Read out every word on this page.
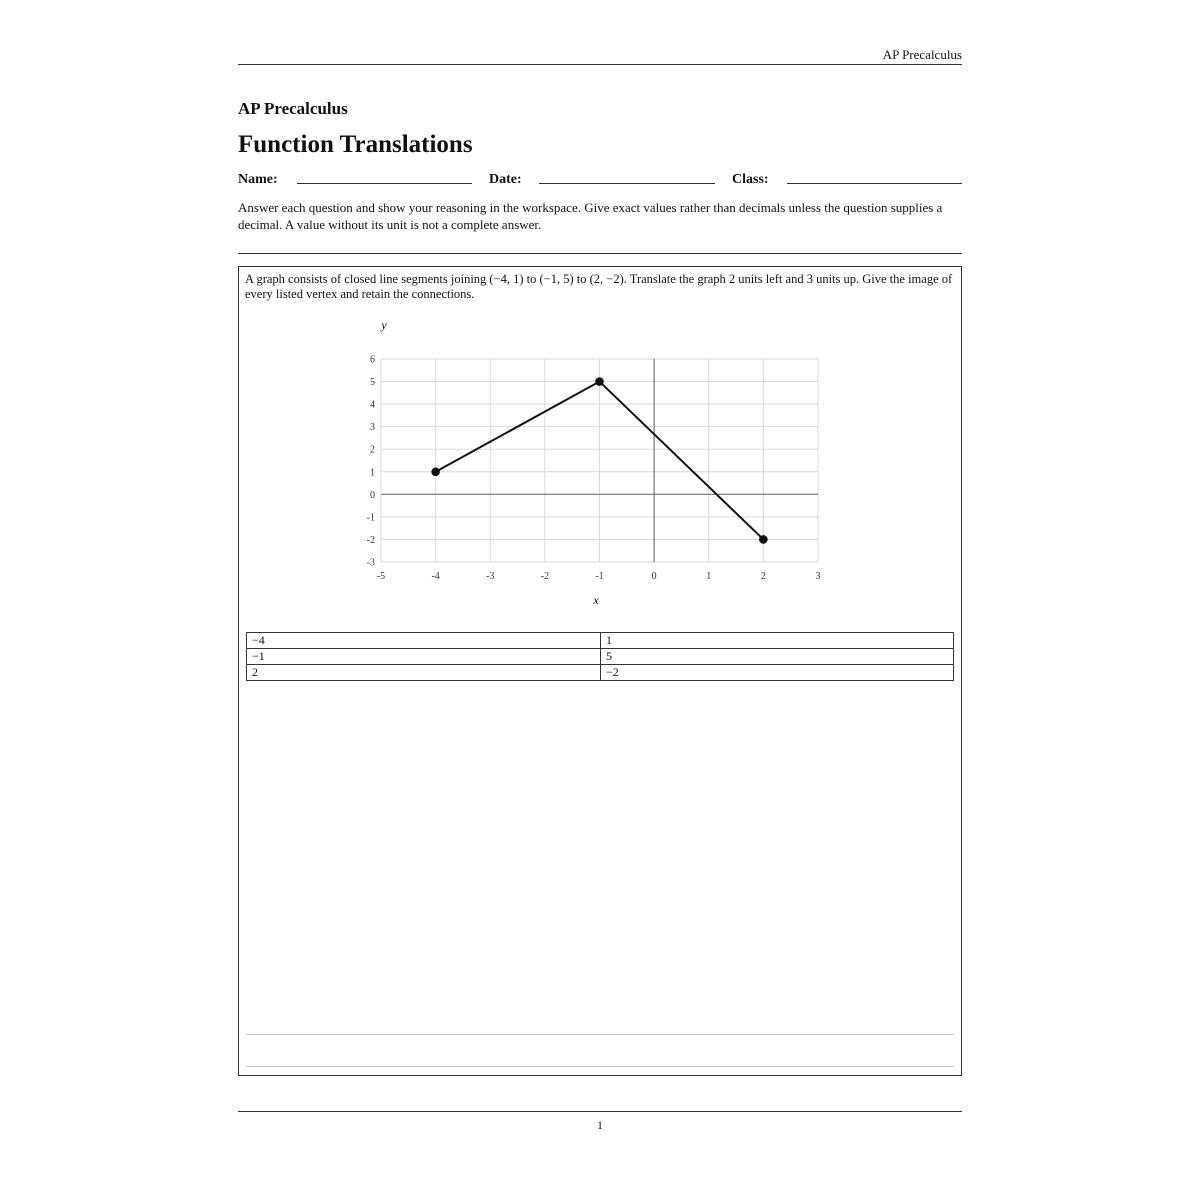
AP Precalculus
AP Precalculus
Function Translations
Name:	Date:	Class:
Answer each question and show your reasoning in the workspace. Give exact values rather than decimals unless the question supplies a decimal. A value without its unit is not a complete answer.
A graph consists of closed line segments joining (−4, 1) to (−1, 5) to (2, −2). Translate the graph 2 units left and 3 units up. Give the image of every listed vertex and retain the connections.
-5	-4	-3	-2	-1	0	1	2	3
6
5
4
3
2
1
0
-1
-2
-3
x
y
−4	1
−1	5
2	−2
1
